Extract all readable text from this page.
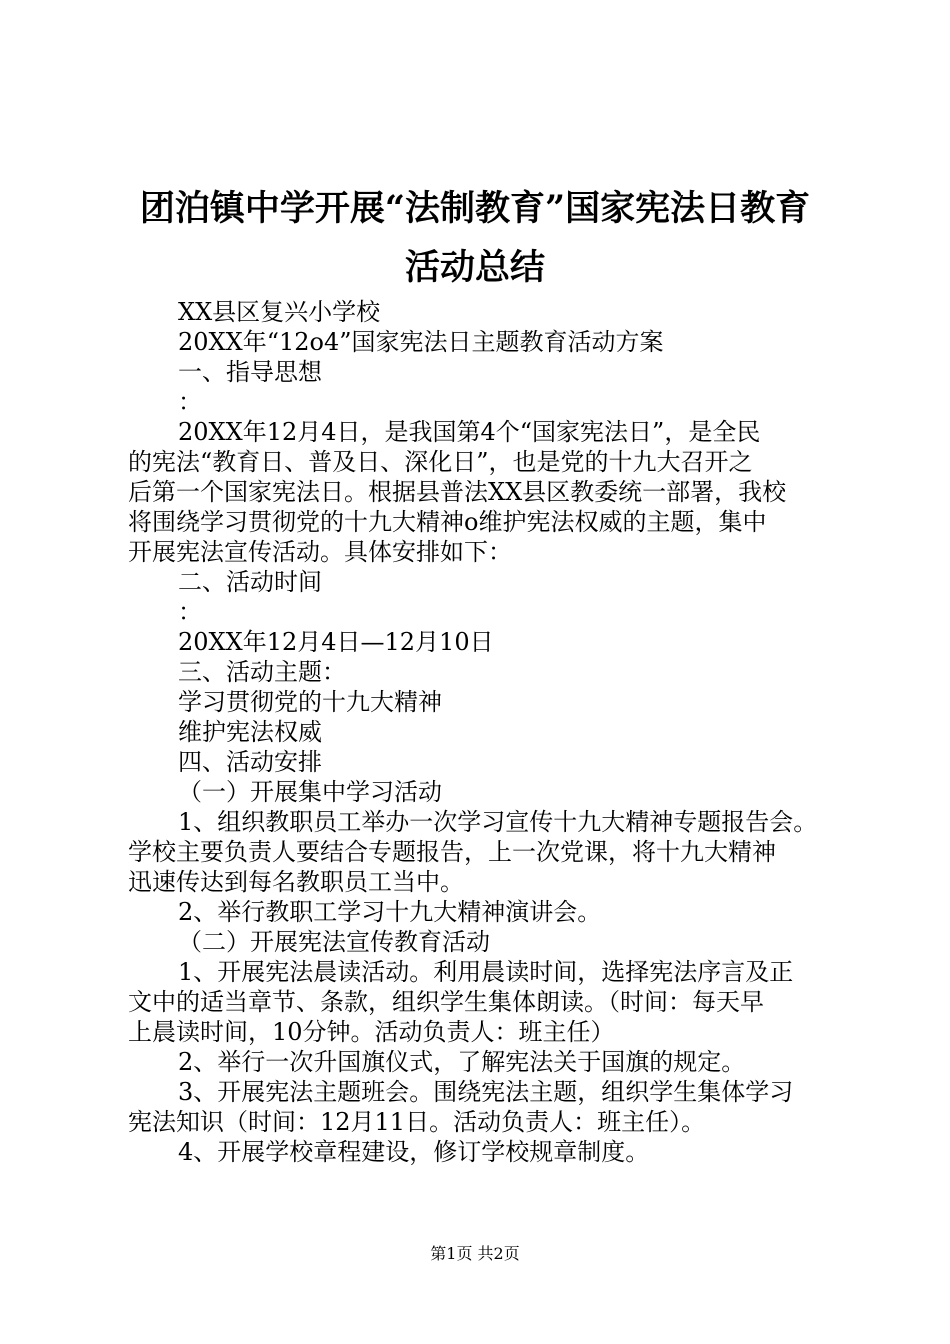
团泊镇中学开展“法制教育”国家宪法日教育
活动总结
XX县区复兴小学校
20XX年“12o4”国家宪法日主题教育活动方案
一、指导思想
：
20XX年12月4日，是我国第4个“国家宪法日”，是全民
的宪法“教育日、普及日、深化日”，也是党的十九大召开之
后第一个国家宪法日。根据县普法XX县区教委统一部署，我校
将围绕学习贯彻党的十九大精神o维护宪法权威的主题，集中
开展宪法宣传活动。具体安排如下：
二、活动时间
：
20XX年12月4日—12月10日
三、活动主题：
学习贯彻党的十九大精神
维护宪法权威
四、活动安排
（一）开展集中学习活动
1、组织教职员工举办一次学习宣传十九大精神专题报告会。
学校主要负责人要结合专题报告，上一次党课，将十九大精神
迅速传达到每名教职员工当中。
2、举行教职工学习十九大精神演讲会。
（二）开展宪法宣传教育活动
1、开展宪法晨读活动。利用晨读时间，选择宪法序言及正
文中的适当章节、条款，组织学生集体朗读。（时间：每天早
上晨读时间，10分钟。活动负责人：班主任）
2、举行一次升国旗仪式，了解宪法关于国旗的规定。
3、开展宪法主题班会。围绕宪法主题，组织学生集体学习
宪法知识（时间：12月11日。活动负责人：班主任）。
4、开展学校章程建设，修订学校规章制度。
第1页 共2页
